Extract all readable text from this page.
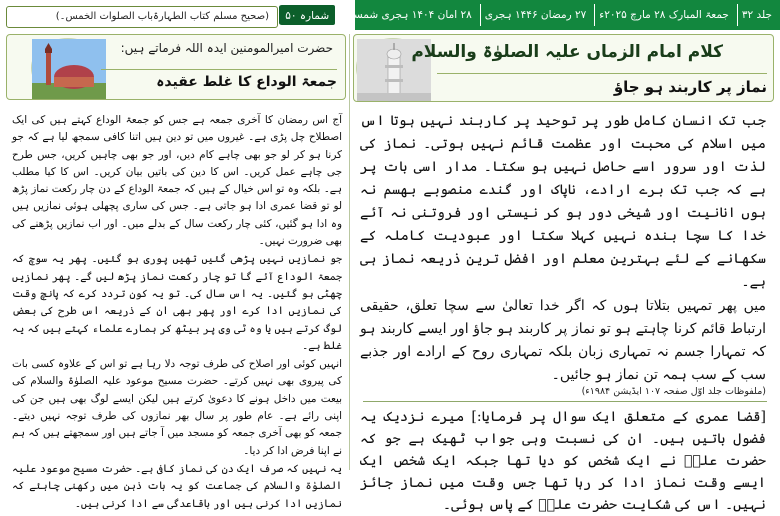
(صحیح مسلم کتاب الطہارۃباب الصلوات الخمس۔)	جلد ۳۲
جمعۃ المبارک ۲۸ مارچ ۲۰۲۵ء
۲۷ رمضان ۱۴۴۶ ہجری
۲۸ امان ۱۴۰۴ ہجری شمسی
شمارہ ۵۰
حضرت امیرالمومنین ایدہ اللہ فرماتے ہیں:
جمعۃ الوداع کا غلط عقیدہ

آج اس رمضان کا آخری جمعہ ہے جس کو جمعۃ الوداع کہتے ہیں کی ایک اصطلاح چل پڑی ہے۔ غیروں میں تو دین ہیں اتنا کافی سمجھ لیا ہے کہ جو کرنا ہو کر لو جو بھی چاہے کام دیں، اور جو بھی چاہیں کریں، جس طرح جی چاہے عمل کریں۔ اس کا دین کی باتیں بیان کریں۔ اس کا کیا مطلب ہے۔ بلکہ وہ تو اس خیال کے ہیں کہ جمعۃ الوداع کے دن چار رکعت نماز پڑھ لو تو قضا عمری ادا ہو جاتی ہے۔ جس کی ساری پچھلی ہوئی نمازیں ہیں وہ ادا ہو گئیں، کئی چار رکعت سال کے بدلے میں۔ اور اب نمازیں پڑھنے کی بھی ضرورت نہیں۔

جو نمازیں نہیں پڑھی گئیں تھیں پوری ہو گئیں۔ پھر یہ سوچ کہ جمعۃ الوداع آئے گا تو چار رکعت نماز پڑھ لیں گے۔ پھر نمازیں چھٹی ہو گئیں۔ یہ اس سال کی۔ تو یہ کون تردد کرے کہ پانچ وقت کی نمازیں ادا کرے اور پھر بھی ان کے ذریعہ اس طرح کی بعض لوگ کرتے ہیں یا وہ ٹی وی پر بیٹھ کر ہمارے علماء کہتے ہیں کہ یہ غلط ہے۔

انہیں کوئی اور اصلاح کی طرف توجہ دلا رہا ہے تو اس کے علاوہ کسی بات کی پیروی بھی نہیں کرتے۔ حضرت مسیح موعود علیہ الصلوٰۃ والسلام کی بیعت میں داخل ہونے کا دعویٰ کرتے ہیں لیکن ایسے لوگ بھی ہیں جن کی اپنی رائے ہے۔ عام طور پر سال بھر نمازوں کی طرف توجہ نہیں دیتے۔ جمعہ کو بھی آخری جمعہ کو مسجد میں آ جاتے ہیں اور سمجھتے ہیں کہ ہم نے اپنا فرض ادا کر دیا۔

یہ نہیں کہ صرف ایک دن کی نماز کافی ہے۔ حضرت مسیح موعود علیہ الصلوٰۃ والسلام کی جماعت کو یہ بات ذہن میں رکھنی چاہئے کہ نمازیں ادا کرنی ہیں اور باقاعدگی سے ادا کرنی ہیں۔

کلام امام الزماں علیہ الصلوٰۃ والسلام
نماز پر کاربند ہو جاؤ

جب تک انسان کامل طور پر توحید پر کاربند نہیں ہوتا اس میں اسلام کی محبت اور عظمت قائم نہیں ہوتی۔ نماز کی لذت اور سرور اسے حاصل نہیں ہو سکتا۔ مدار اسی بات پر ہے کہ جب تک برے ارادے، ناپاک اور گندے منصوبے بھسم نہ ہوں انانیت اور شیخی دور ہو کر نیستی اور فروتنی نہ آئے خدا کا سچا بندہ نہیں کہلا سکتا اور عبودیت کاملہ کے سکھانے کے لئے بہترین معلم اور افضل ترین ذریعہ نماز ہی ہے۔

میں پھر تمہیں بتلاتا ہوں کہ اگر خدا تعالیٰ سے سچا تعلق، حقیقی ارتباط قائم کرنا چاہتے ہو تو نماز پر کاربند ہو جاؤ اور ایسے کاربند ہو کہ تمہارا جسم نہ تمہاری زبان بلکہ تمہاری روح کے ارادے اور جذبے سب کے سب ہمہ تن نماز ہو جائیں۔

(ملفوظات جلد اوّل صفحہ ۱۰۷ ایڈیشن ۱۹۸۴ء)
[قضا عمری کے متعلق ایک سوال پر فرمایا:] میرے نزدیک یہ فضول باتیں ہیں۔ ان کی نسبت وہی جواب ٹھیک ہے جو کہ حضرت علیؓ نے ایک شخص کو دیا تھا جبکہ ایک شخص ایک ایسے وقت نماز ادا کر رہا تھا جس وقت میں نماز جائز نہیں۔ اس کی شکایت حضرت علیؓ کے پاس ہوئی۔
